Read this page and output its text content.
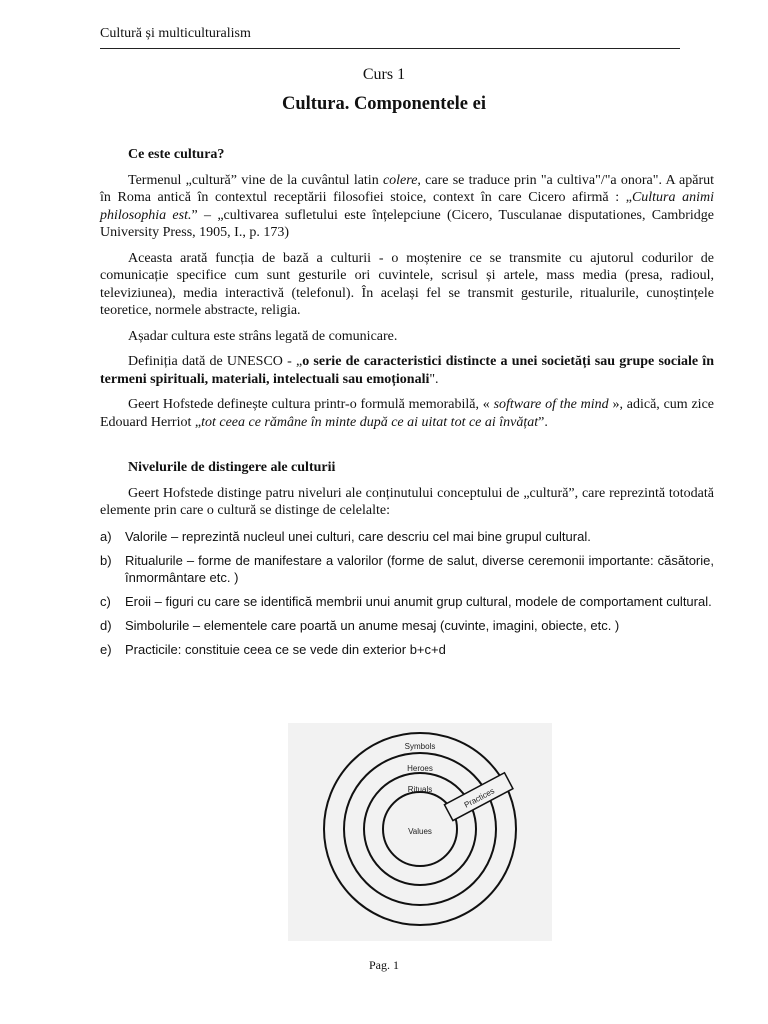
Cultură și multiculturalism
Curs 1
Cultura. Componentele ei
Ce este cultura?

Termenul „cultură” vine de la cuvântul latin colere, care se traduce prin "a cultiva"/"a onora". A apărut în Roma antică în contextul receptării filosofiei stoice, context în care Cicero afirmă : „Cultura animi philosophia est.” – „cultivarea sufletului este înțelepciune (Cicero, Tusculanae disputationes, Cambridge University Press, 1905, I., p. 173)

Aceasta arată funcția de bază a culturii - o moștenire ce se transmite cu ajutorul codurilor de comunicație specifice cum sunt gesturile ori cuvintele, scrisul și artele, mass media (presa, radioul, televiziunea), media interactivă (telefonul). În același fel se transmit gesturile, ritualurile, cunoștințele teoretice, normele abstracte, religia.

Așadar cultura este strâns legată de comunicare.

Definiția dată de UNESCO - „o serie de caracteristici distincte a unei societăți sau grupe sociale în termeni spirituali, materiali, intelectuali sau emoționali".

Geert Hofstede definește cultura printr-o formulă memorabilă, « software of the mind », adică, cum zice Edouard Herriot „tot ceea ce rămâne în minte după ce ai uitat tot ce ai învățat”.

Nivelurile de distingere ale culturii

Geert Hofstede distinge patru niveluri ale conținutului conceptului de „cultură”, care reprezintă totodată elemente prin care o cultură se distinge de celelalte:

a) Valorile – reprezintă nucleul unei culturi, care descriu cel mai bine grupul cultural.
b) Ritualurile – forme de manifestare a valorilor (forme de salut, diverse ceremonii importante: căsătorie, înmormântare etc. )
c) Eroii – figuri cu care se identifică membrii unui anumit grup cultural, modele de comportament cultural.
d) Simbolurile – elementele care poartă un anume mesaj (cuvinte, imagini, obiecte, etc. )
e) Practicile: constituie ceea ce se vede din exterior b+c+d
Practices
Symbols
Heroes
Rituals
Values
Pag. 1
